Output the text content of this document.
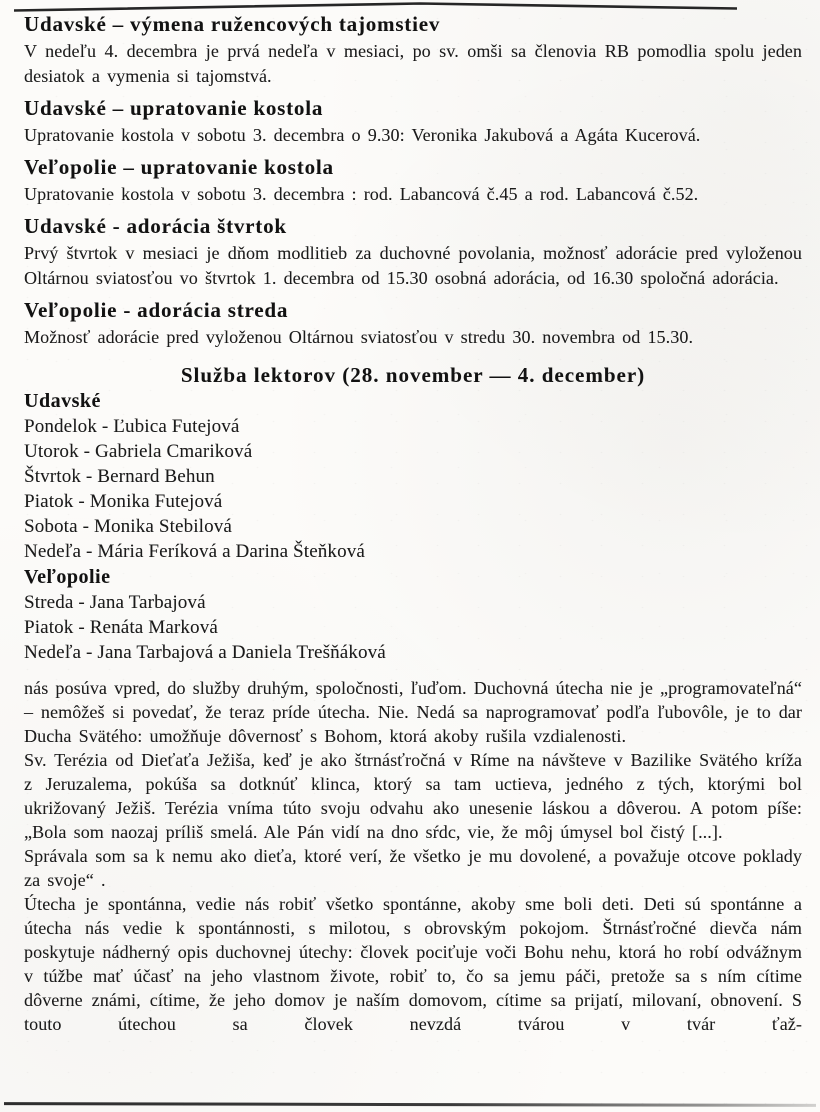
Udavské – výmena ružencových tajomstiev

V nedeľu 4. decembra je prvá nedeľa v mesiaci, po sv. omši sa členovia RB pomodlia spolu jeden desiatok a vymenia si tajomstvá.

Udavské – upratovanie kostola

Upratovanie kostola v sobotu 3. decembra o 9.30: Veronika Jakubová a Agáta Kucerová.

Veľopolie – upratovanie kostola

Upratovanie kostola v sobotu 3. decembra : rod. Labancová č.45 a rod. Labancová č.52.

Udavské - adorácia štvrtok

Prvý štvrtok v mesiaci je dňom modlitieb za duchovné povolania, možnosť adorácie pred vyloženou Oltárnou sviatosťou vo štvrtok 1. decembra od 15.30 osobná adorácia, od 16.30 spoločná adorácia.

Veľopolie - adorácia streda

Možnosť adorácie pred vyloženou Oltárnou sviatosťou v stredu 30. novembra od 15.30.

Služba lektorov (28. november — 4. december)
Udavské

Pondelok - Ľubica Futejová

Utorok - Gabriela Cmariková

Štvrtok - Bernard Behun

Piatok - Monika Futejová

Sobota - Monika Stebilová

Nedeľa - Mária Feríková a Darina Šteňková

Veľopolie

Streda - Jana Tarbajová

Piatok - Renáta Marková

Nedeľa - Jana Tarbajová a Daniela Trešňáková

nás posúva vpred, do služby druhým, spoločnosti, ľuďom. Duchovná útecha nie je „programovateľná“ – nemôžeš si povedať, že teraz príde útecha. Nie. Nedá sa naprogramovať podľa ľubovôle, je to dar Ducha Svätého: umožňuje dôvernosť s Bohom, ktorá akoby rušila vzdialenosti.

Sv. Terézia od Dieťaťa Ježiša, keď je ako štrnásťročná v Ríme na návšteve v Bazilike Svätého kríža z Jeruzalema, pokúša sa dotknúť klinca, ktorý sa tam uctieva, jedného z tých, ktorými bol ukrižovaný Ježiš. Terézia vníma túto svoju odvahu ako unesenie láskou a dôverou. A potom píše: „Bola som naozaj príliš smelá. Ale Pán vidí na dno sŕdc, vie, že môj úmysel bol čistý [...].

Správala som sa k nemu ako dieťa, ktoré verí, že všetko je mu dovolené, a považuje otcove poklady za svoje“ .

Útecha je spontánna, vedie nás robiť všetko spontánne, akoby sme boli deti. Deti sú spontánne a útecha nás vedie k spontánnosti, s milotou, s obrovským pokojom. Štrnásťročné dievča nám poskytuje nádherný opis duchovnej útechy: človek pociťuje voči Bohu nehu, ktorá ho robí odvážnym v túžbe mať účasť na jeho vlastnom živote, robiť to, čo sa jemu páči, pretože sa s ním cítime dôverne známi, cítime, že jeho domov je naším domovom, cítime sa prijatí, milovaní, obnovení. S touto útechou sa človek nevzdá tvárou v tvár ťaž-
